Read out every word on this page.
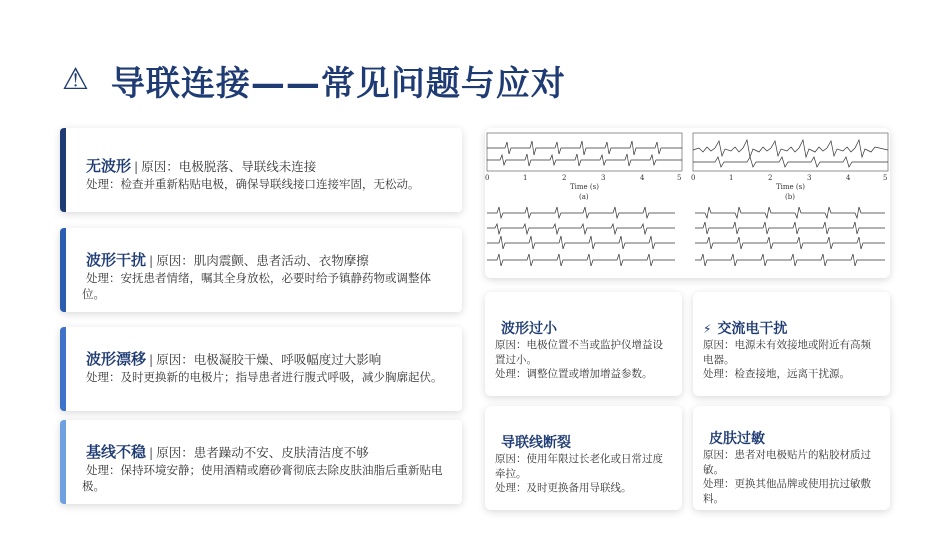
⚠ 导联连接——常见问题与应对
无波形 | 原因：电极脱落、导联线未连接
处理：检查并重新粘贴电极，确保导联线接口连接牢固，无松动。
波形干扰 | 原因：肌肉震颤、患者活动、衣物摩擦
处理：安抚患者情绪，嘱其全身放松，必要时给予镇静药物或调整体位。
波形漂移 | 原因：电极凝胶干燥、呼吸幅度过大影响
处理：及时更换新的电极片；指导患者进行腹式呼吸，减少胸廓起伏。
基线不稳 | 原因：患者躁动不安、皮肤清洁度不够
处理：保持环境安静；使用酒精或磨砂膏彻底去除皮肤油脂后重新贴电极。
0	1	2	3	4	5 0	1	2	3	4	5
Time (s)	Time (s)
(a)	(b)
波形过小
原因：电极位置不当或监护仪增益设置过小。
处理：调整位置或增加增益参数。
⚡ 交流电干扰
原因：电源未有效接地或附近有高频电器。
处理：检查接地，远离干扰源。
导联线断裂
原因：使用年限过长老化或日常过度牵拉。
处理：及时更换备用导联线。
皮肤过敏
原因：患者对电极贴片的粘胶材质过敏。
处理：更换其他品牌或使用抗过敏敷料。
